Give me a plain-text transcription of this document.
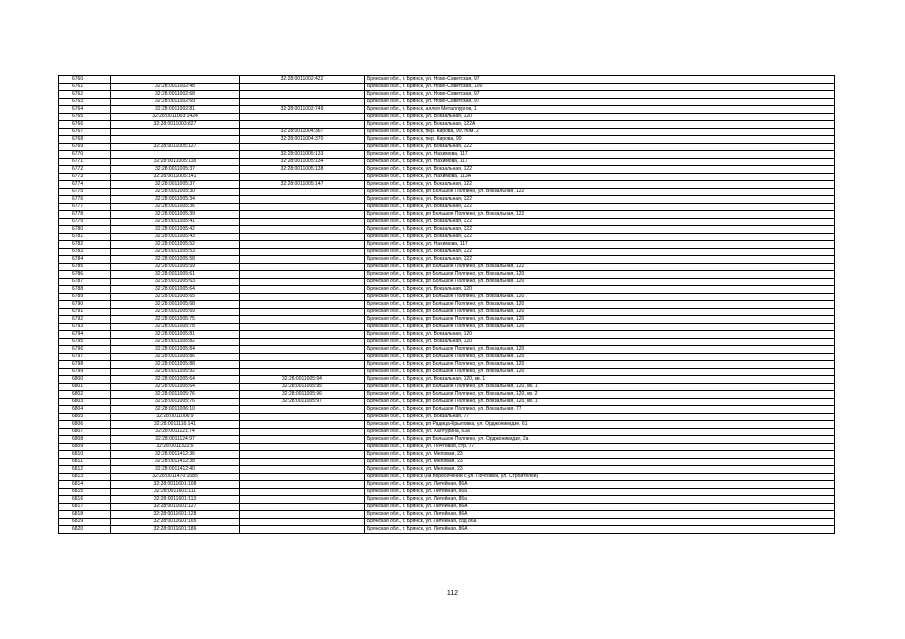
6760		32:28:0011002:422	Брянская обл., г. Брянск, ул. Ново-Советская, 97
6761	32:28:0011002:48		Брянская обл., г. Брянск, ул. Ново-Советская, 100
6762	32:28:0011002:68		Брянская обл., г. Брянск, ул. Ново-Советская, 97
6763	32:28:0011002:69		Брянская обл., г. Брянск, ул. Ново-Советская, 97
6764	32:28:0011002:81	32:28:0011002:749	Брянская обл., г. Брянск, аллея Металлургов, 1
6765	32:28:0011003:1424		Брянская обл., г. Брянск, ул. Вокзальная, 120
6766	32:28:0011003:827		Брянская обл., г. Брянск, ул. Вокзальная, 122А
6767		32:28:0011004:367	Брянская обл., г. Брянск, пер. Кирова, 99, пом. 2
6768		32:28:0011004:370	Брянская обл., г. Брянск, пер. Кирова, 99
6769	32:28:0011005:127		Брянская обл., г. Брянск, ул. Вокзальная, 122
6770		32:28:0011005:133	Брянская обл., г. Брянск, ул. Нахимова, 117
6771	32:28:0011005:118	32:28:0011005:134	Брянская обл., г. Брянск, ул. Нахимова, 117
6772	32:28:0011005:37	32:28:0011005:138	Брянская обл., г. Брянск, ул. Вокзальная, 122
6773	32:28:0011005:141		Брянская обл., г. Брянск, ул. Нахимова, 113А
6774	32:28:0011005:37	32:28:0011005:147	Брянская обл., г. Брянск, ул. Вокзальная, 122
6775	32:28:0011005:30		Брянская обл., г. Брянск, рп Большое Полпино, ул. Вокзальная, 122
6776	32:28:0011005:34		Брянская обл., г. Брянск, ул. Вокзальная, 122
6777	32:28:0011005:36		Брянская обл., г. Брянск, ул. Вокзальная, 122
6778	32:28:0011005:39		Брянская обл., г. Брянск, рп Большое Полпино, ул. Вокзальная, 122
6779	32:28:0011005:41		Брянская обл., г. Брянск, ул. Вокзальная, 122
6780	32:28:0011005:42		Брянская обл., г. Брянск, ул. Вокзальная, 122
6781	32:28:0011005:43		Брянская обл., г. Брянск, ул. Вокзальная, 122
6782	32:28:0011005:52		Брянская обл., г. Брянск, ул. Нахимова, 117
6783	32:28:0011005:53		Брянская обл., г. Брянск, ул. Вокзальная, 122
6784	32:28:0011005:58		Брянская обл., г. Брянск, ул. Вокзальная, 122
6785	32:28:0011005:59		Брянская обл., г. Брянск, рп Большое Полпино, ул. Вокзальная, 122
6786	32:28:0011005:61		Брянская обл., г. Брянск, рп Большое Полпино, ул. Вокзальная, 120
6787	32:28:0011005:63		Брянская обл., г. Брянск, рп Большое Полпино, ул. Вокзальная, 120
6788	32:28:0011005:64		Брянская обл., г. Брянск, ул. Вокзальная, 120
6789	32:28:0011005:65		Брянская обл., г. Брянск, рп Большое Полпино, ул. Вокзальная, 120
6790	32:28:0011005:68		Брянская обл., г. Брянск, рп Большое Полпино, ул. Вокзальная, 120
6791	32:28:0011005:69		Брянская обл., г. Брянск, рп Большое Полпино, ул. Вокзальная, 120
6792	32:28:0011005:75		Брянская обл., г. Брянск, рп Большое Полпино, ул. Вокзальная, 120
6793	32:28:0011005:78		Брянская обл., г. Брянск, рп Большое Полпино, ул. Вокзальная, 120
6794	32:28:0011005:81		Брянская обл., г. Брянск, ул. Вокзальная, 120
6795	32:28:0011005:82		Брянская обл., г. Брянск, ул. Вокзальная, 120
6796	32:28:0011005:84		Брянская обл., г. Брянск, рп Большое Полпино, ул. Вокзальная, 120
6797	32:28:0011005:86		Брянская обл., г. Брянск, рп Большое Полпино, ул. Вокзальная, 120
6798	32:28:0011005:88		Брянская обл., г. Брянск, рп Большое Полпино, ул. Вокзальная, 120
6799	32:28:0011005:92		Брянская обл., г. Брянск, рп Большое Полпино, ул. Вокзальная, 120
6800	32:28:0011005:64	32:28:0011005:94	Брянская обл., г. Брянск, ул. Вокзальная, 120, кв. 1
6801	32:28:0011005:64	32:28:0011005:95	Брянская обл., г. Брянск, рп Большое Полпино, ул. Вокзальная, 120, кв. 1
6802	32:28:0011005:76	32:28:0011005:96	Брянская обл., г. Брянск, рп Большое Полпино, ул. Вокзальная, 120, кв. 2
6803	32:28:0011005:76	32:28:0011005:97	Брянская обл., г. Брянск, рп Большое Полпино, ул. Вокзальная, 120, кв. 1
6804	32:28:0011006:10		Брянская обл., г. Брянск, рп Большое Полпино, ул. Вокзальная, 77
6805	32:28:0011006:9		Брянская обл., г. Брянск, ул. Вокзальная, 77
6806	32:28:0011116:141		Брянская обл., г. Брянск, рп Радица-Крыловка, ул. Орджоникидзе, 61
6807	32:28:0011121:74		Брянская обл., г. Брянск, ул. Халтурина, 63а
6808	32:28:0011124:97		Брянская обл., г. Брянск, рп Большое Полпино, ул. Орджоникидзе, 2а
6809	32:28:0011322:5		Брянская обл., г. Брянск, ул. Почтовая, стр. 77
6810	32:28:0011412:36		Брянская обл., г. Брянск, ул. Меловая, 23
6811	32:28:0011412:38		Брянская обл., г. Брянск, ул. Меловая, 23
6812	32:28:0011412:40		Брянская обл., г. Брянск, ул. Меловая, 23
6813	32:28:0011470:1085		Брянская обл., г. Брянск (на пересечении с ул. Почтовой, ул. Строителей)
6814	32:28:0011601:108		Брянская обл., г. Брянск, ул. Литейная, 86А
6815	32:28:0011601:111		Брянская обл., г. Брянск, ул. Литейная, 86а
6816	32:28:0011601:113		Брянская обл., г. Брянск, ул. Литейная, 86а
6817	32:28:0011601:127		Брянская обл., г. Брянск, ул. Литейная, 86А
6818	32:28:0011601:128		Брянская обл., г. Брянск, ул. Литейная, 86А
6819	32:28:0011601:165		Брянская обл., г. Брянск, ул. Литейная, сод 86а
6820	32:28:0011601:186		Брянская обл., г. Брянск, ул. Литейная, 86А
112
